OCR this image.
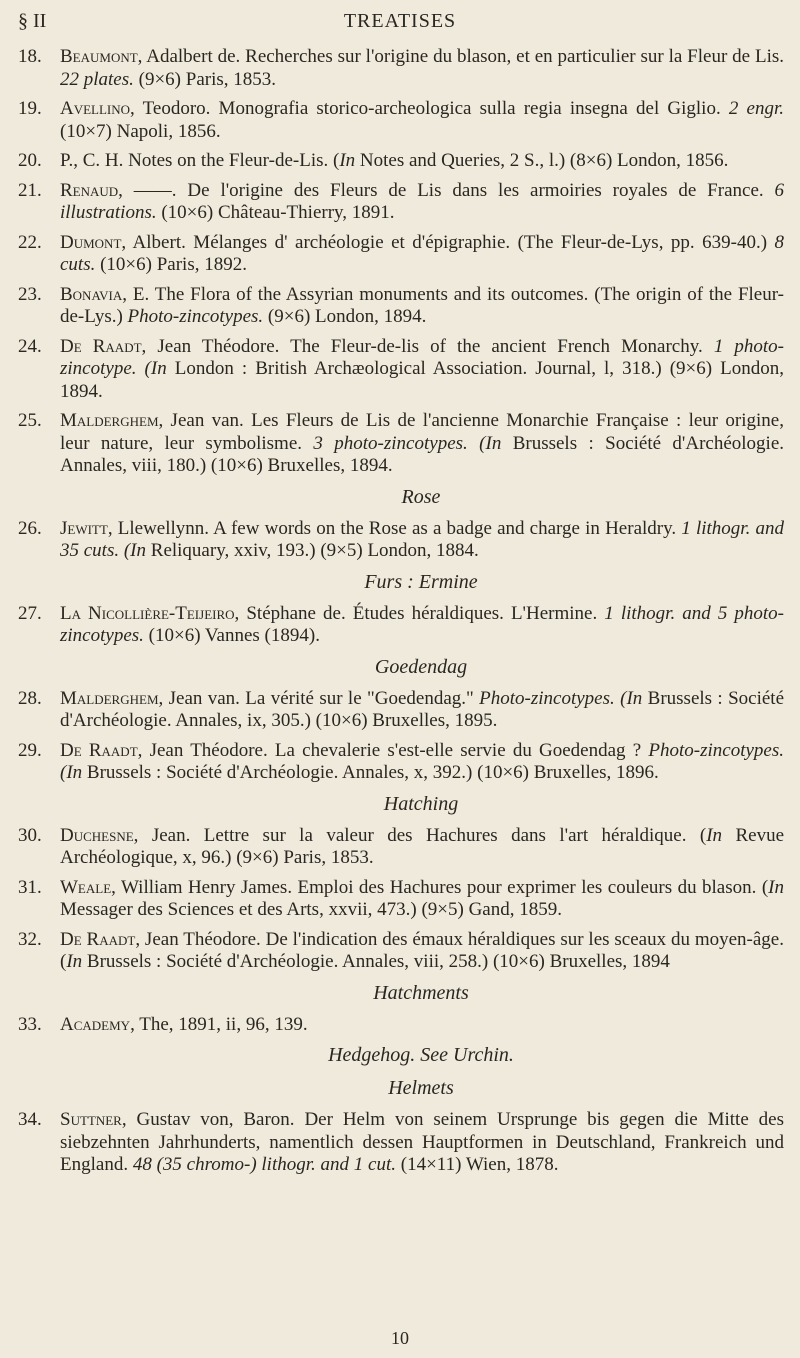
§ II	TREATISES
18. Beaumont, Adalbert de. Recherches sur l'origine du blason, et en particulier sur la Fleur de Lis. 22 plates. (9×6) Paris, 1853.
19. Avellino, Teodoro. Monografia storico-archeologica sulla regia insegna del Giglio. 2 engr. (10×7) Napoli, 1856.
20. P., C. H. Notes on the Fleur-de-Lis. (In Notes and Queries, 2 S., l.) (8×6) London, 1856.
21. Renaud, ——. De l'origine des Fleurs de Lis dans les armoiries royales de France. 6 illustrations. (10×6) Château-Thierry, 1891.
22. Dumont, Albert. Mélanges d' archéologie et d'épigraphie. (The Fleur-de-Lys, pp. 639-40.) 8 cuts. (10×6) Paris, 1892.
23. Bonavia, E. The Flora of the Assyrian monuments and its outcomes. (The origin of the Fleur-de-Lys.) Photo-zincotypes. (9×6) London, 1894.
24. De Raadt, Jean Théodore. The Fleur-de-lis of the ancient French Monarchy. 1 photo-zincotype. (In London : British Archæological Association. Journal, l, 318.) (9×6) London, 1894.
25. Malderghem, Jean van. Les Fleurs de Lis de l'ancienne Monarchie Française : leur origine, leur nature, leur symbolisme. 3 photo-zincotypes. (In Brussels : Société d'Archéologie. Annales, viii, 180.) (10×6) Bruxelles, 1894.
Rose
26. Jewitt, Llewellynn. A few words on the Rose as a badge and charge in Heraldry. 1 lithogr. and 35 cuts. (In Reliquary, xxiv, 193.) (9×5) London, 1884.
Furs : Ermine
27. La Nicollière-Teijeiro, Stéphane de. Études héraldiques. L'Hermine. 1 lithogr. and 5 photo-zincotypes. (10×6) Vannes (1894).
Goedendag
28. Malderghem, Jean van. La vérité sur le "Goedendag." Photo-zincotypes. (In Brussels : Société d'Archéologie. Annales, ix, 305.) (10×6) Bruxelles, 1895.
29. De Raadt, Jean Théodore. La chevalerie s'est-elle servie du Goedendag ? Photo-zincotypes. (In Brussels : Société d'Archéologie. Annales, x, 392.) (10×6) Bruxelles, 1896.
Hatching
30. Duchesne, Jean. Lettre sur la valeur des Hachures dans l'art héraldique. (In Revue Archéologique, x, 96.) (9×6) Paris, 1853.
31. Weale, William Henry James. Emploi des Hachures pour exprimer les couleurs du blason. (In Messager des Sciences et des Arts, xxvii, 473.) (9×5) Gand, 1859.
32. De Raadt, Jean Théodore. De l'indication des émaux héraldiques sur les sceaux du moyen-âge. (In Brussels : Société d'Archéologie. Annales, viii, 258.) (10×6) Bruxelles, 1894
Hatchments
33. Academy, The, 1891, ii, 96, 139.
Hedgehog. See Urchin.
Helmets
34. Suttner, Gustav von, Baron. Der Helm von seinem Ursprunge bis gegen die Mitte des siebzehnten Jahrhunderts, namentlich dessen Hauptformen in Deutschland, Frankreich und England. 48 (35 chromo-) lithogr. and 1 cut. (14×11) Wien, 1878.
10
